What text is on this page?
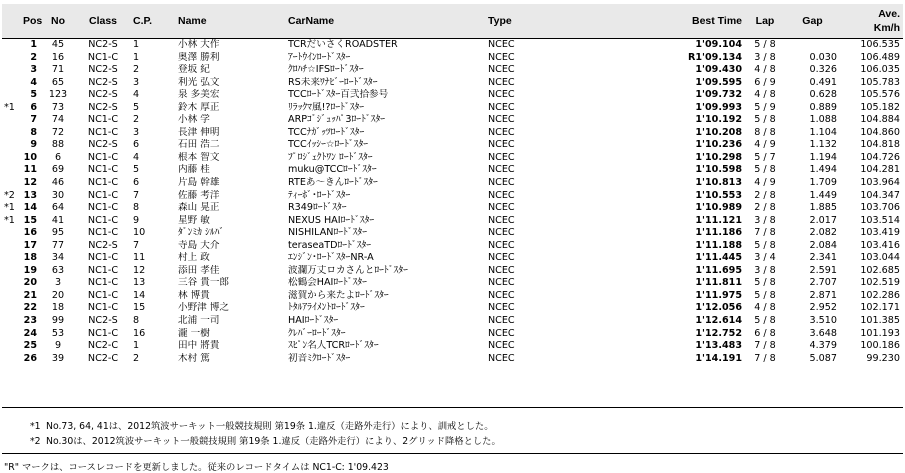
	Pos	No	Class	C.P.	Name	CarName	Type	Best Time	Lap	Gap	Ave.
Km/h
	1	45	NC2-S	1	小林 大作	TCRだいさくROADSTER	NCEC	1'09.104	5 / 8		106.535
	2	16	NC1-C	1	奥澤 勝利	ｱｰﾄｳｲﾝﾛｰﾄﾞｽﾀｰ	NCEC	R1'09.134	3 / 8	0.030	106.489
	3	71	NC2-S	2	登坂 紀	ｸﾛﾊﾁ☆IFSﾛｰﾄﾞｽﾀｰ	NCEC	1'09.430	4 / 8	0.326	106.035
	4	65	NC2-S	3	利光 弘文	RS未来ﾜﾅﾋﾞｰﾛｰﾄﾞｽﾀｰ	NCEC	1'09.595	6 / 9	0.491	105.783
	5	123	NC2-S	4	泉 多美宏	TCCﾛｰﾄﾞｽﾀｰ百弐拾参号	NCEC	1'09.732	4 / 8	0.628	105.576
*1	6	73	NC2-S	5	鈴木 厚正	ﾘﾗｯｸﾏ風!?ﾛｰﾄﾞｽﾀｰ	NCEC	1'09.993	5 / 9	0.889	105.182
	7	74	NC1-C	2	小林 学	ARPｺﾞｼﾞｭｯﾊﾟ3ﾛｰﾄﾞｽﾀｰ	NCEC	1'10.192	5 / 8	1.088	104.884
	8	72	NC1-C	3	長津 伸明	TCCﾅｶﾞｯﾂﾛｰﾄﾞｽﾀｰ	NCEC	1'10.208	8 / 8	1.104	104.860
	9	88	NC2-S	6	石田 浩二	TCCｲｯｼｰ☆ﾛｰﾄﾞｽﾀｰ	NCEC	1'10.236	4 / 9	1.132	104.818
	10	6	NC1-C	4	根本 智文	ﾌﾟﾛｼﾞｪｸﾄﾜﾝ ﾛｰﾄﾞｽﾀｰ	NCEC	1'10.298	5 / 7	1.194	104.726
	11	69	NC1-C	5	内藤 桂	muku@TCCﾛｰﾄﾞｽﾀｰ	NCEC	1'10.598	5 / 8	1.494	104.281
	12	46	NC1-C	6	片島 幹雄	RTEあ～きんﾛｰﾄﾞｽﾀｰ	NCEC	1'10.813	4 / 9	1.709	103.964
*2	13	30	NC1-C	7	佐藤 考洋	ﾃｨｰﾎﾞ･ﾛｰﾄﾞｽﾀｰ	NCEC	1'10.553	2 / 8	1.449	104.347
*1	14	64	NC1-C	8	森山 晃正	R349ﾛｰﾄﾞｽﾀｰ	NCEC	1'10.989	2 / 8	1.885	103.706
*1	15	41	NC1-C	9	星野 敏	NEXUS HAIﾛｰﾄﾞｽﾀｰ	NCEC	1'11.121	3 / 8	2.017	103.514
	16	95	NC1-C	10	ﾀﾞﾝﾐｶ ｼﾙﾊﾞ	NISHILANﾛｰﾄﾞｽﾀｰ	NCEC	1'11.186	7 / 8	2.082	103.419
	17	77	NC2-S	7	寺島 大介	teraseaTDﾛｰﾄﾞｽﾀｰ	NCEC	1'11.188	5 / 8	2.084	103.416
	18	34	NC1-C	11	村上 政	ｴﾝｼﾞﾝ･ﾛｰﾄﾞｽﾀｰNR-A	NCEC	1'11.445	3 / 4	2.341	103.044
	19	63	NC1-C	12	添田 孝佳	波瀾万丈ロカさんとﾛｰﾄﾞｽﾀｰ	NCEC	1'11.695	3 / 8	2.591	102.685
	20	3	NC1-C	13	三谷 貴一郎	松鶴会HAIﾛｰﾄﾞｽﾀｰ	NCEC	1'11.811	5 / 8	2.707	102.519
	21	20	NC1-C	14	林 博貴	滋賀から来たよﾛｰﾄﾞｽﾀｰ	NCEC	1'11.975	5 / 8	2.871	102.286
	22	18	NC1-C	15	小野津 博之	ﾄﾀﾙｱﾗｲﾒﾝﾄﾛｰﾄﾞｽﾀｰ	NCEC	1'12.056	4 / 8	2.952	102.171
	23	99	NC2-S	8	北浦 一司	HAIﾛｰﾄﾞｽﾀｰ	NCEC	1'12.614	5 / 8	3.510	101.385
	24	53	NC1-C	16	瀧 一樹	ｸﾚﾊﾞｰﾛｰﾄﾞｽﾀｰ	NCEC	1'12.752	6 / 8	3.648	101.193
	25	9	NC2-C	1	田中 將貴	ｽﾋﾟﾝ名人TCRﾛｰﾄﾞｽﾀｰ	NCEC	1'13.483	7 / 8	4.379	100.186
	26	39	NC2-C	2	木村 篤	初音ﾐｸﾛｰﾄﾞｽﾀｰ	NCEC	1'14.191	7 / 8	5.087	99.230
*1 No.73, 64, 41は、2012筑波サーキット一般競技規則 第19条 1.違反（走路外走行）により、訓戒とした。
*2 No.30は、2012筑波サーキット一般競技規則 第19条 1.違反（走路外走行）により、2グリッド降格とした。
"R" マークは、コースレコードを更新しました。従来のレコードタイムは NC1-C: 1'09.423
